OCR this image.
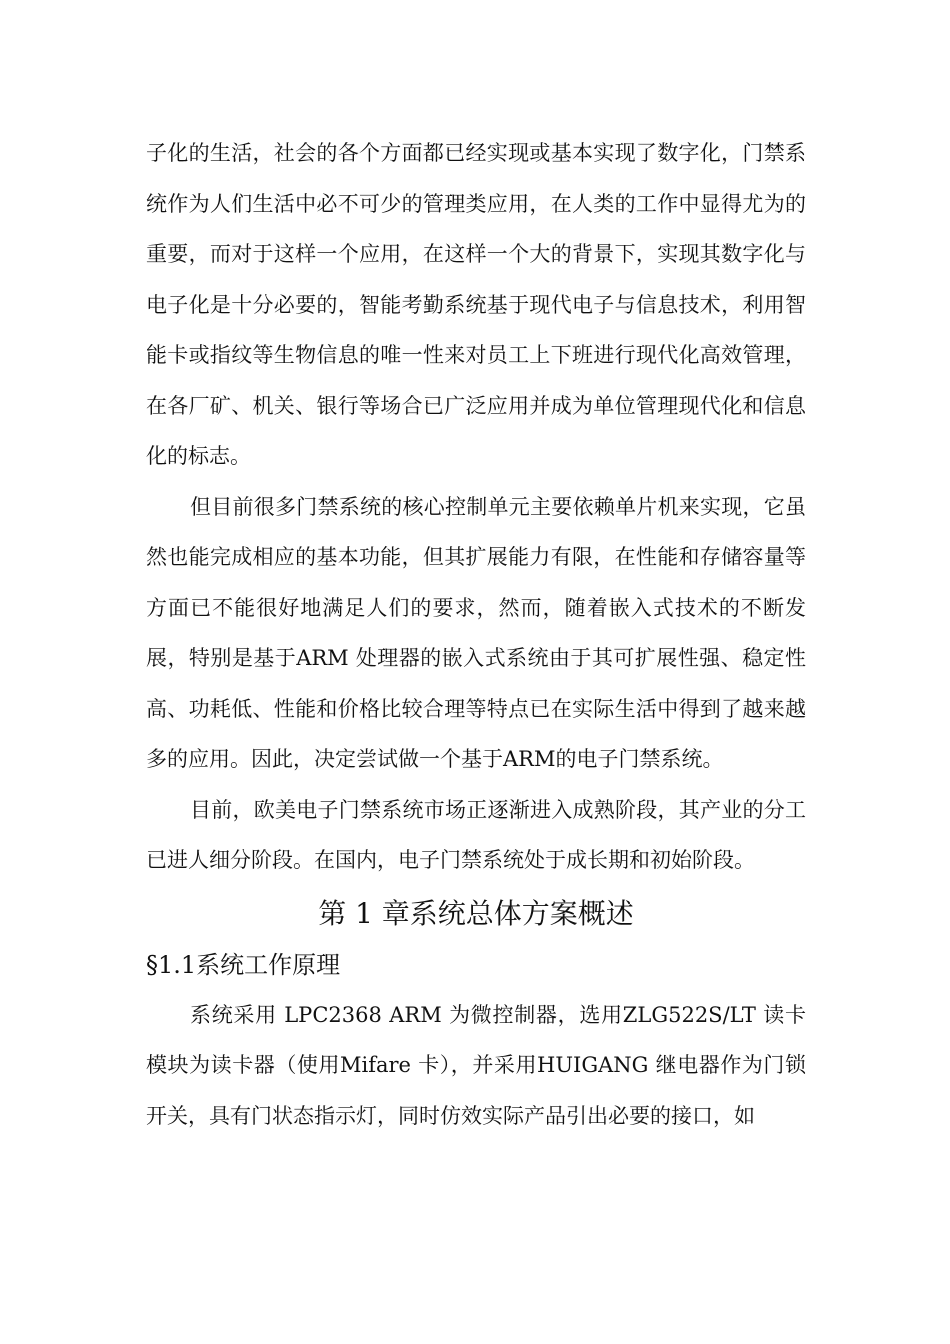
子化的生活，社会的各个方面都已经实现或基本实现了数字化，门禁系统作为人们生活中必不可少的管理类应用，在人类的工作中显得尤为的重要，而对于这样一个应用，在这样一个大的背景下，实现其数字化与电子化是十分必要的，智能考勤系统基于现代电子与信息技术，利用智能卡或指纹等生物信息的唯一性来对员工上下班进行现代化高效管理，在各厂矿、机关、银行等场合已广泛应用并成为单位管理现代化和信息化的标志。

但目前很多门禁系统的核心控制单元主要依赖单片机来实现，它虽然也能完成相应的基本功能，但其扩展能力有限，在性能和存储容量等方面已不能很好地满足人们的要求，然而，随着嵌入式技术的不断发展，特别是基于ARM 处理器的嵌入式系统由于其可扩展性强、稳定性高、功耗低、性能和价格比较合理等特点已在实际生活中得到了越来越多的应用。因此，决定尝试做一个基于ARM的电子门禁系统。

目前，欧美电子门禁系统市场正逐渐进入成熟阶段，其产业的分工已进人细分阶段。在国内，电子门禁系统处于成长期和初始阶段。

第 1 章系统总体方案概述
§1.1系统工作原理

系统采用 LPC2368 ARM 为微控制器，选用ZLG522S/LT 读卡模块为读卡器（使用Mifare 卡），并采用HUIGANG 继电器作为门锁开关，具有门状态指示灯，同时仿效实际产品引出必要的接口，如
